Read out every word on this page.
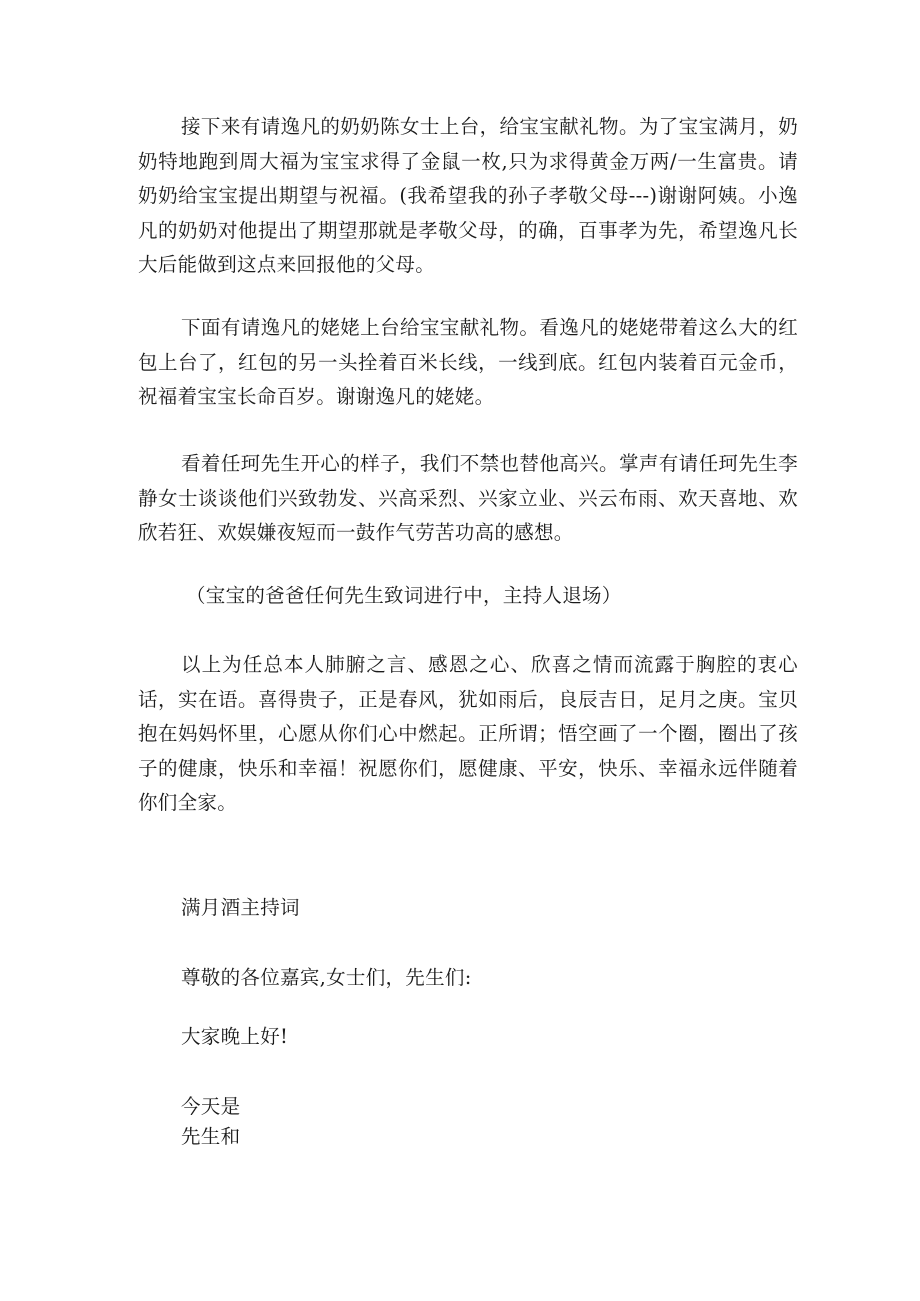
接下来有请逸凡的奶奶陈女士上台，给宝宝献礼物。为了宝宝满月，奶奶特地跑到周大福为宝宝求得了金鼠一枚,只为求得黄金万两/一生富贵。请奶奶给宝宝提出期望与祝福。(我希望我的孙子孝敬父母---)谢谢阿姨。小逸凡的奶奶对他提出了期望那就是孝敬父母，的确，百事孝为先，希望逸凡长大后能做到这点来回报他的父母。

下面有请逸凡的姥姥上台给宝宝献礼物。看逸凡的姥姥带着这么大的红包上台了，红包的另一头拴着百米长线，一线到底。红包内装着百元金币，祝福着宝宝长命百岁。谢谢逸凡的姥姥。

看着任珂先生开心的样子，我们不禁也替他高兴。掌声有请任珂先生李静女士谈谈他们兴致勃发、兴高采烈、兴家立业、兴云布雨、欢天喜地、欢欣若狂、欢娱嫌夜短而一鼓作气劳苦功高的感想。

（宝宝的爸爸任何先生致词进行中，主持人退场）

以上为任总本人肺腑之言、感恩之心、欣喜之情而流露于胸腔的衷心话，实在语。喜得贵子，正是春风，犹如雨后，良辰吉日，足月之庚。宝贝抱在妈妈怀里，心愿从你们心中燃起。正所谓；悟空画了一个圈，圈出了孩子的健康，快乐和幸福！祝愿你们，愿健康、平安，快乐、幸福永远伴随着你们全家。

满月酒主持词

尊敬的各位嘉宾,女士们，先生们:

大家晚上好!

今天是

先生和
